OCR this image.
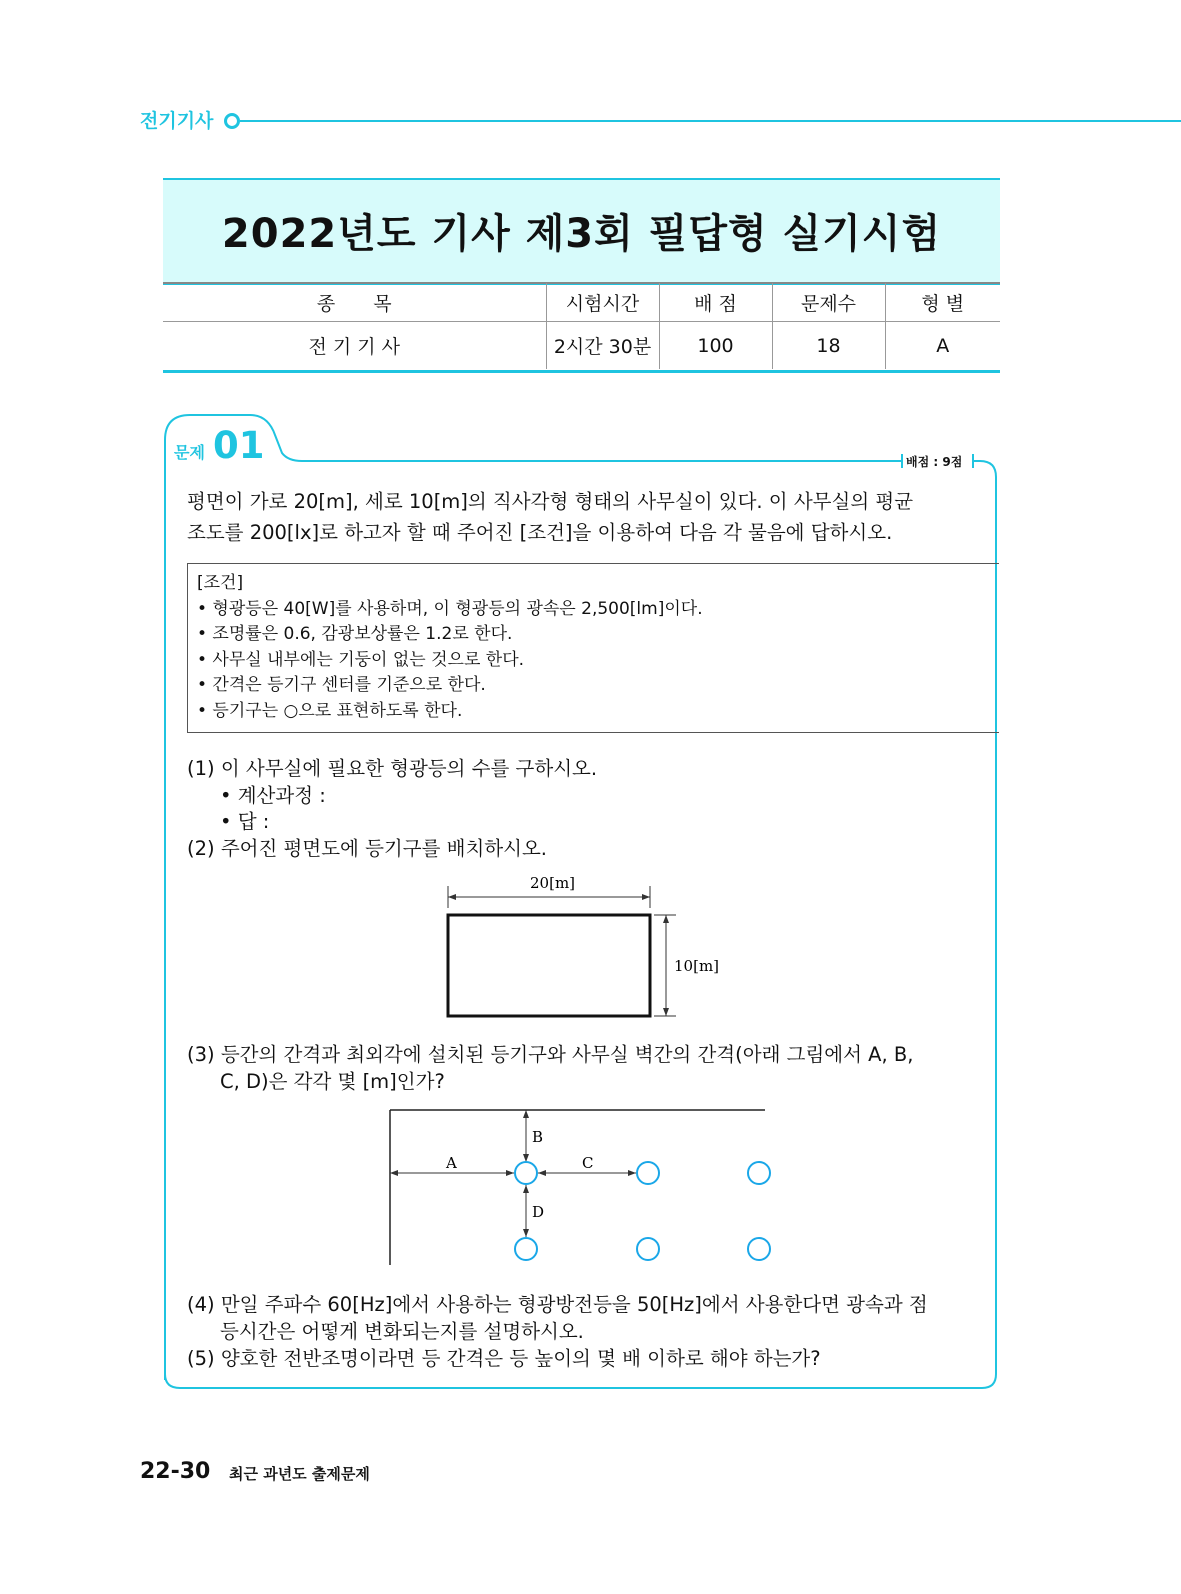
전기기사
2022년도 기사 제3회 필답형 실기시험
종　　목	시험시간	배 점	문제수	형 별
전 기 기 사	2시간 30분	100	18	A
문제 01	배점 : 9점
평면이 가로 20[m], 세로 10[m]의 직사각형 형태의 사무실이 있다. 이 사무실의 평균
조도를 200[lx]로 하고자 할 때 주어진 [조건]을 이용하여 다음 각 물음에 답하시오.
[조건]
• 형광등은 40[W]를 사용하며, 이 형광등의 광속은 2,500[lm]이다.
• 조명률은 0.6, 감광보상률은 1.2로 한다.
• 사무실 내부에는 기둥이 없는 것으로 한다.
• 간격은 등기구 센터를 기준으로 한다.
• 등기구는 ○으로 표현하도록 한다.
(1) 이 사무실에 필요한 형광등의 수를 구하시오.
• 계산과정 :
• 답 :
(2) 주어진 평면도에 등기구를 배치하시오.
20[m]
10[m]
(3) 등간의 간격과 최외각에 설치된 등기구와 사무실 벽간의 간격(아래 그림에서 A, B,
C, D)은 각각 몇 [m]인가?
A
B
C
D
(4) 만일 주파수 60[Hz]에서 사용하는 형광방전등을 50[Hz]에서 사용한다면 광속과 점
등시간은 어떻게 변화되는지를 설명하시오.
(5) 양호한 전반조명이라면 등 간격은 등 높이의 몇 배 이하로 해야 하는가?
22-30 최근 과년도 출제문제
